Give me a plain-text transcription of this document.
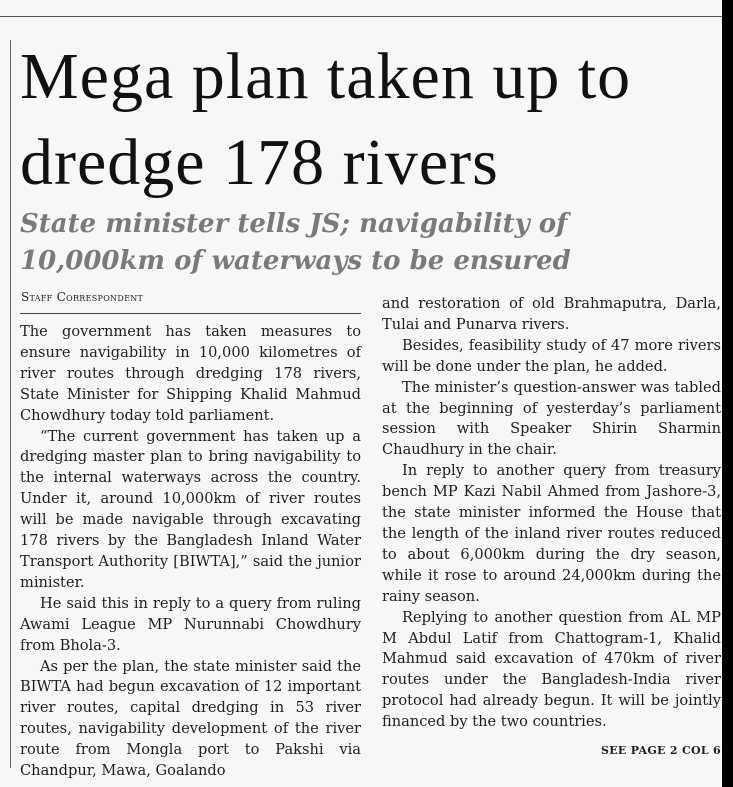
Mega plan taken up to dredge 178 rivers
State minister tells JS; navigability of 10,000km of waterways to be ensured
Staff Correspondent

The government has taken measures to ensure navigability in 10,000 kilometres of river routes through dredging 178 rivers, State Minister for Shipping Khalid Mahmud Chowdhury today told parliament.

“The current government has taken up a dredging master plan to bring navigability to the internal waterways across the country. Under it, around 10,000km of river routes will be made navigable through excavating 178 rivers by the Bangladesh Inland Water Transport Authority [BIWTA],” said the junior minister.

He said this in reply to a query from ruling Awami League MP Nurunnabi Chowdhury from Bhola-3.

As per the plan, the state minister said the BIWTA had begun excavation of 12 important river routes, capital dredging in 53 river routes, navigability development of the river route from Mongla port to Pakshi via Chandpur, Mawa, Goalando

and restoration of old Brahmaputra, Darla, Tulai and Punarva rivers.

Besides, feasibility study of 47 more rivers will be done under the plan, he added.

The minister’s question-answer was tabled at the beginning of yesterday’s parliament session with Speaker Shirin Sharmin Chaudhury in the chair.

In reply to another query from treasury bench MP Kazi Nabil Ahmed from Jashore-3, the state minister informed the House that the length of the inland river routes reduced to about 6,000km during the dry season, while it rose to around 24,000km during the rainy season.

Replying to another question from AL MP M Abdul Latif from Chattogram-1, Khalid Mahmud said excavation of 470km of river routes under the Bangladesh-India river protocol had already begun. It will be jointly financed by the two countries.

SEE PAGE 2 COL 6
